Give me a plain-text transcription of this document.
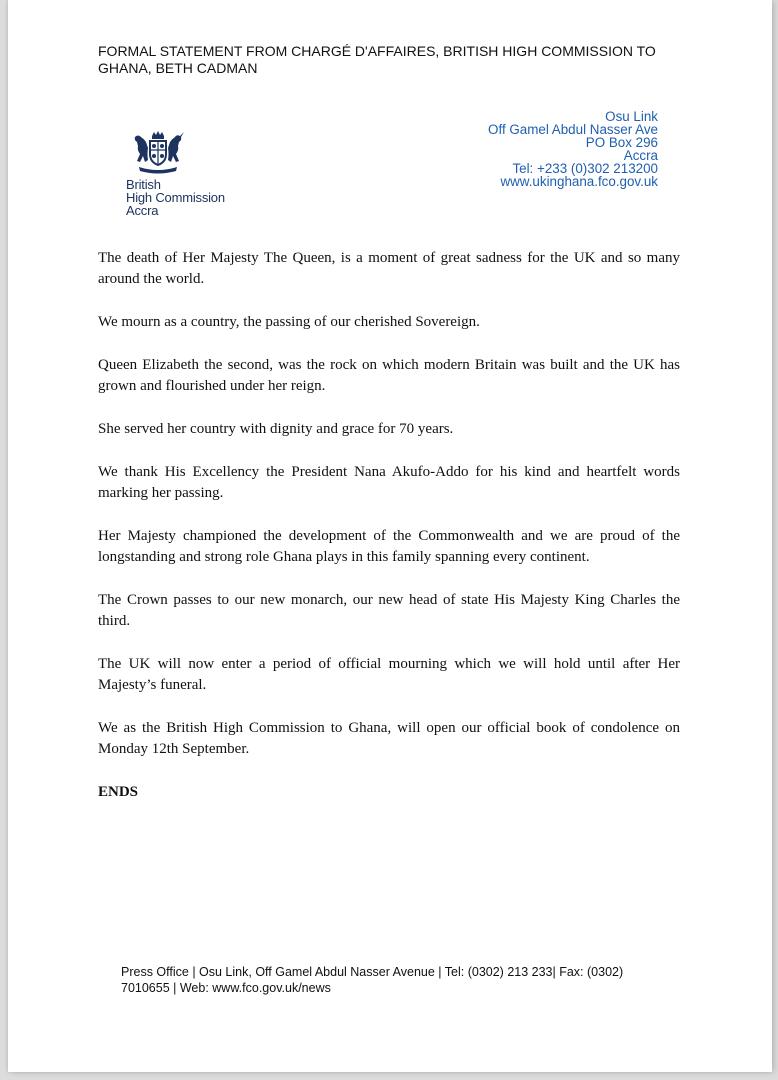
FORMAL STATEMENT FROM CHARGÉ D'AFFAIRES, BRITISH HIGH COMMISSION TO GHANA, BETH CADMAN
British
High Commission
Accra
Osu Link
Off Gamel Abdul Nasser Ave
PO Box 296
Accra
Tel: +233 (0)302 213200
www.ukinghana.fco.gov.uk

The death of Her Majesty The Queen, is a moment of great sadness for the UK and so many around the world.

We mourn as a country, the passing of our cherished Sovereign.

Queen Elizabeth the second, was the rock on which modern Britain was built and the UK has grown and flourished under her reign.

She served her country with dignity and grace for 70 years.

We thank His Excellency the President Nana Akufo-Addo for his kind and heartfelt words marking her passing.

Her Majesty championed the development of the Commonwealth and we are proud of the longstanding and strong role Ghana plays in this family spanning every continent.

The Crown passes to our new monarch, our new head of state His Majesty King Charles the third.

The UK will now enter a period of official mourning which we will hold until after Her Majesty’s funeral.

We as the British High Commission to Ghana, will open our official book of condolence on Monday 12th September.

ENDS

Press Office | Osu Link, Off Gamel Abdul Nasser Avenue | Tel: (0302) 213 233| Fax: (0302) 7010655 | Web: www.fco.gov.uk/news
